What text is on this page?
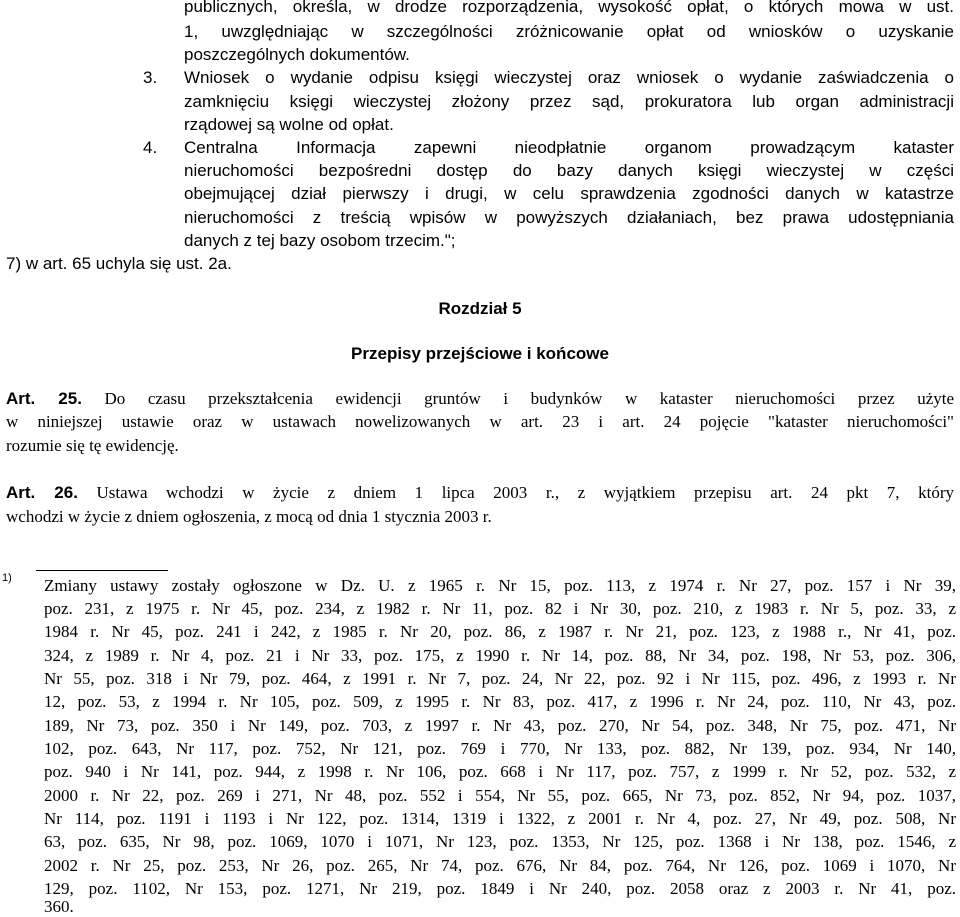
publicznych, określa, w drodze rozporządzenia, wysokość opłat, o których mowa w ust.
1, uwzględniając w szczególności zróżnicowanie opłat od wniosków o uzyskanie
poszczególnych dokumentów.
3. Wniosek o wydanie odpisu księgi wieczystej oraz wniosek o wydanie zaświadczenia o
zamknięciu księgi wieczystej złożony przez sąd, prokuratora lub organ administracji
rządowej są wolne od opłat.
4. Centralna Informacja zapewni nieodpłatnie organom prowadzącym kataster
nieruchomości bezpośredni dostęp do bazy danych księgi wieczystej w części
obejmującej dział pierwszy i drugi, w celu sprawdzenia zgodności danych w katastrze
nieruchomości z treścią wpisów w powyższych działaniach, bez prawa udostępniania
danych z tej bazy osobom trzecim.";
7) w art. 65 uchyla się ust. 2a.
Rozdział 5
Przepisy przejściowe i końcowe
Art. 25. Do czasu przekształcenia ewidencji gruntów i budynków w kataster nieruchomości przez użyte
w niniejszej ustawie oraz w ustawach nowelizowanych w art. 23 i art. 24 pojęcie "kataster nieruchomości"
rozumie się tę ewidencję.
Art. 26. Ustawa wchodzi w życie z dniem 1 lipca 2003 r., z wyjątkiem przepisu art. 24 pkt 7, który
wchodzi w życie z dniem ogłoszenia, z mocą od dnia 1 stycznia 2003 r.
1) Zmiany ustawy zostały ogłoszone w Dz. U. z 1965 r. Nr 15, poz. 113, z 1974 r. Nr 27, poz. 157 i Nr 39,
poz. 231, z 1975 r. Nr 45, poz. 234, z 1982 r. Nr 11, poz. 82 i Nr 30, poz. 210, z 1983 r. Nr 5, poz. 33, z
1984 r. Nr 45, poz. 241 i 242, z 1985 r. Nr 20, poz. 86, z 1987 r. Nr 21, poz. 123, z 1988 r., Nr 41, poz.
324, z 1989 r. Nr 4, poz. 21 i Nr 33, poz. 175, z 1990 r. Nr 14, poz. 88, Nr 34, poz. 198, Nr 53, poz. 306,
Nr 55, poz. 318 i Nr 79, poz. 464, z 1991 r. Nr 7, poz. 24, Nr 22, poz. 92 i Nr 115, poz. 496, z 1993 r. Nr
12, poz. 53, z 1994 r. Nr 105, poz. 509, z 1995 r. Nr 83, poz. 417, z 1996 r. Nr 24, poz. 110, Nr 43, poz.
189, Nr 73, poz. 350 i Nr 149, poz. 703, z 1997 r. Nr 43, poz. 270, Nr 54, poz. 348, Nr 75, poz. 471, Nr
102, poz. 643, Nr 117, poz. 752, Nr 121, poz. 769 i 770, Nr 133, poz. 882, Nr 139, poz. 934, Nr 140,
poz. 940 i Nr 141, poz. 944, z 1998 r. Nr 106, poz. 668 i Nr 117, poz. 757, z 1999 r. Nr 52, poz. 532, z
2000 r. Nr 22, poz. 269 i 271, Nr 48, poz. 552 i 554, Nr 55, poz. 665, Nr 73, poz. 852, Nr 94, poz. 1037,
Nr 114, poz. 1191 i 1193 i Nr 122, poz. 1314, 1319 i 1322, z 2001 r. Nr 4, poz. 27, Nr 49, poz. 508, Nr
63, poz. 635, Nr 98, poz. 1069, 1070 i 1071, Nr 123, poz. 1353, Nr 125, poz. 1368 i Nr 138, poz. 1546, z
2002 r. Nr 25, poz. 253, Nr 26, poz. 265, Nr 74, poz. 676, Nr 84, poz. 764, Nr 126, poz. 1069 i 1070, Nr
129, poz. 1102, Nr 153, poz. 1271, Nr 219, poz. 1849 i Nr 240, poz. 2058 oraz z 2003 r. Nr 41, poz.
360.
